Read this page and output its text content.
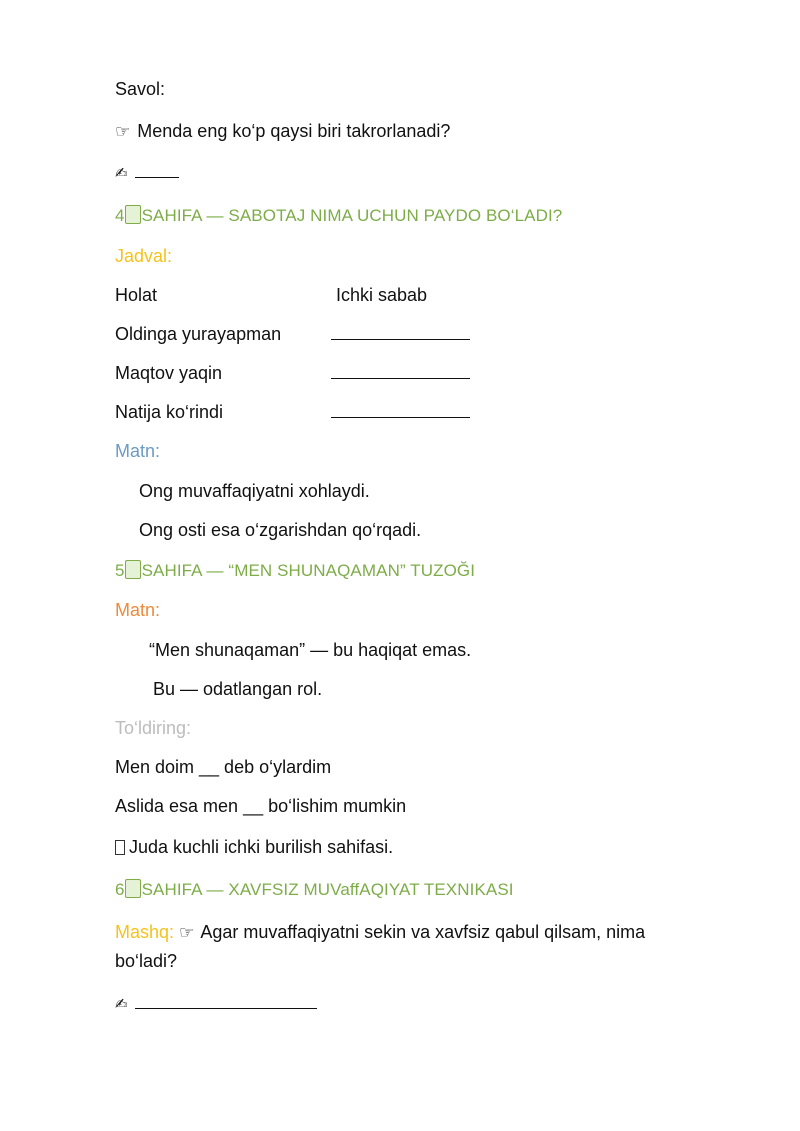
Savol:
☞ Menda eng ko‘p qaysi biri takrorlanadi?
✍
4 SAHIFA — SABOTAJ NIMA UCHUN PAYDO BO‘LADI?
Jadval:
Holat	Ichki sabab
Oldinga yurayapman
Maqtov yaqin
Natija ko‘rindi
Matn:
Ong muvaffaqiyatni xohlaydi.
Ong osti esa o‘zgarishdan qo‘rqadi.
5 SAHIFA — “MEN SHUNAQAMAN” TUZOĞI
Matn:
“Men shunaqaman” — bu haqiqat emas.
Bu — odatlangan rol.
To‘ldiring:
Men doim __ deb o‘ylardim
Aslida esa men __ bo‘lishim mumkin
Juda kuchli ichki burilish sahifasi.
6 SAHIFA — XAVFSIZ MUVaffAQIYAT TEXNIKASI
Mashq: ☞ Agar muvaffaqiyatni sekin va xavfsiz qabul qilsam, nima
bo‘ladi?
✍
